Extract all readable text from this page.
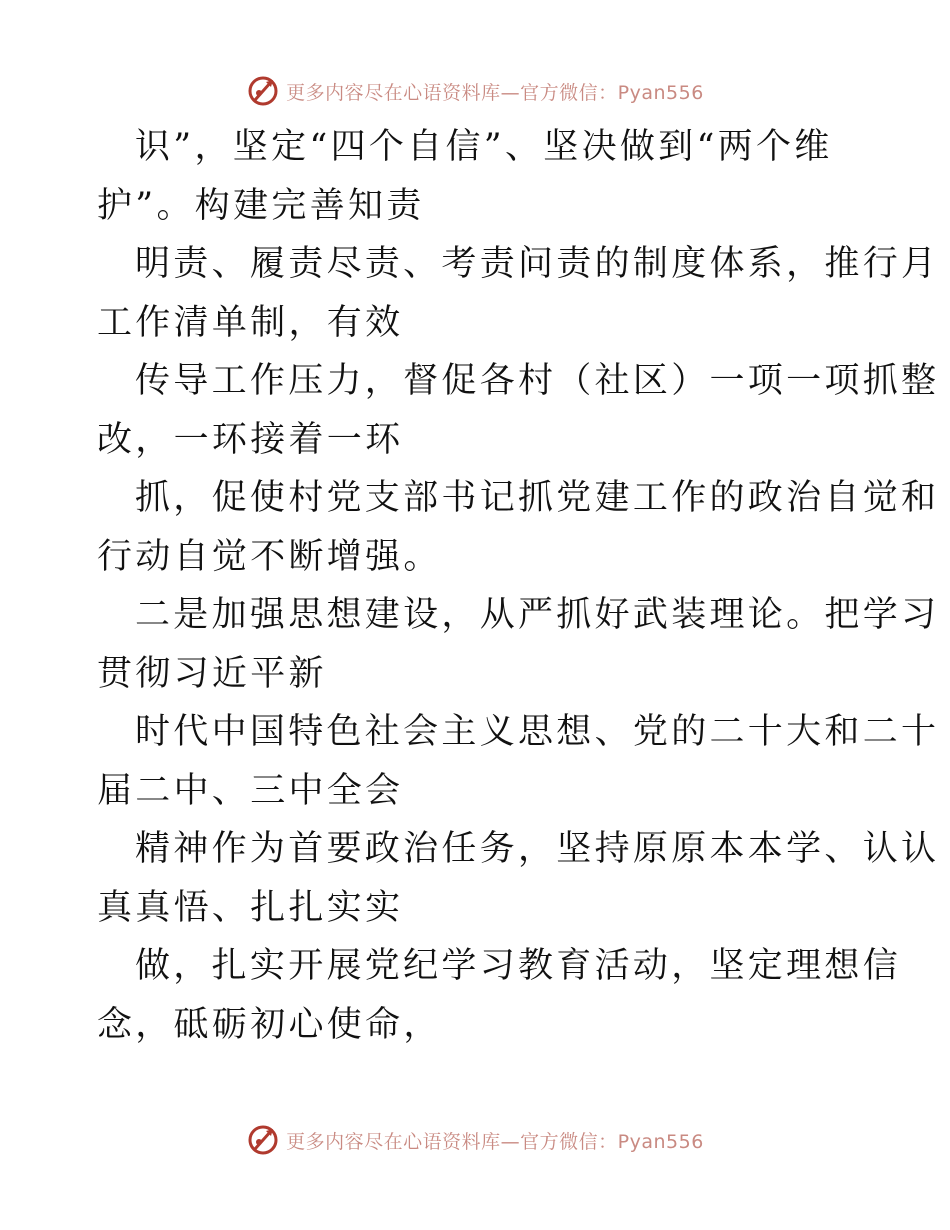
更多内容尽在心语资料库—官方微信：Pyan556

识”，坚定“四个自信”、坚决做到“两个维
护”。构建完善知责

明责、履责尽责、考责问责的制度体系，推行月
工作清单制，有效

传导工作压力，督促各村（社区）一项一项抓整
改，一环接着一环

抓，促使村党支部书记抓党建工作的政治自觉和
行动自觉不断增强。

二是加强思想建设，从严抓好武装理论。把学习
贯彻习近平新

时代中国特色社会主义思想、党的二十大和二十
届二中、三中全会

精神作为首要政治任务，坚持原原本本学、认认
真真悟、扎扎实实

做，扎实开展党纪学习教育活动，坚定理想信
念，砥砺初心使命，

更多内容尽在心语资料库—官方微信：Pyan556
